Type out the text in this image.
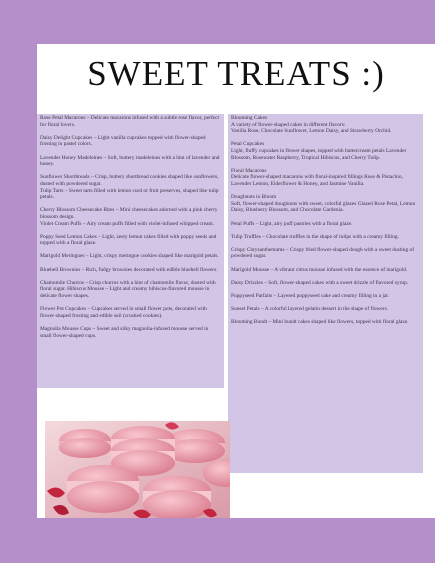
SWEET TREATS :)

Rose Petal Macarons – Delicate macarons infused with a subtle rose flavor, perfect for floral lovers.

Daisy Delight Cupcakes – Light vanilla cupcakes topped with flower-shaped frosting in pastel colors.

Lavender Honey Madeleines – Soft, buttery madeleines with a hint of lavender and honey.

Sunflower Shortbreads – Crisp, buttery shortbread cookies shaped like sunflowers, dusted with powdered sugar.

Tulip Tarts – Sweet tarts filled with lemon curd or fruit preserves, shaped like tulip petals.

Cherry Blossom Cheesecake Bites – Mini cheesecakes adorned with a pink cherry blossom design.

Violet Cream Puffs – Airy cream puffs filled with violet-infused whipped cream.

Poppy Seed Lemon Cakes – Light, zesty lemon cakes filled with poppy seeds and topped with a floral glaze.

Marigold Meringues – Light, crispy meringue cookies shaped like marigold petals.

Bluebell Brownies – Rich, fudgy brownies decorated with edible bluebell flowers.

Chamomile Churros – Crisp churros with a hint of chamomile flavor, dusted with floral sugar. Hibiscus Mousse – Light and creamy hibiscus-flavored mousse in delicate flower shapes.

Flower Pot Cupcakes – Cupcakes served in small flower pots, decorated with flower-shaped frosting and edible soil (crushed cookies).

Magnolia Mousse Cups – Sweet and silky magnolia-infused mousse served in small flower-shaped cups.

Blooming Cakes

A variety of flower-shaped cakes in different flavors:

Vanilla Rose, Chocolate Sunflower, Lemon Daisy, and Strawberry Orchid.

Petal Cupcakes

Light, fluffy cupcakes in flower shapes, topped with buttercream petals Lavender Blossom, Rosewater Raspberry, Tropical Hibiscus, and Cherry Tulip.

Floral Macarons

Delicate flower-shaped macarons with floral-inspired fillings Rose & Pistachio, Lavender Lemon, Elderflower & Honey, and Jasmine Vanilla.

Doughnuts in Bloom

Soft, flower-shaped doughnuts with sweet, colorful glazes Glazed Rose Petal, Lemon Daisy, Blueberry Blossom, and Chocolate Gardenia.

Petal Puffs – Light, airy puff pastries with a floral glaze.

Tulip Truffles – Chocolate truffles in the shape of tulips with a creamy filling.

Crispy Chrysanthemums – Crispy fried flower-shaped dough with a sweet dusting of powdered sugar.

Marigold Mousse – A vibrant citrus mousse infused with the essence of marigold.

Daisy Drizzles – Soft, flower-shaped cakes with a sweet drizzle of flavored syrup.

Poppyseed Parfaits – Layered poppyseed cake and creamy filling in a jar.

Sunset Petals – A colorful layered gelatin dessert in the shape of flowers.

Blooming Bundt – Mini bundt cakes shaped like flowers, topped with floral glaze.
